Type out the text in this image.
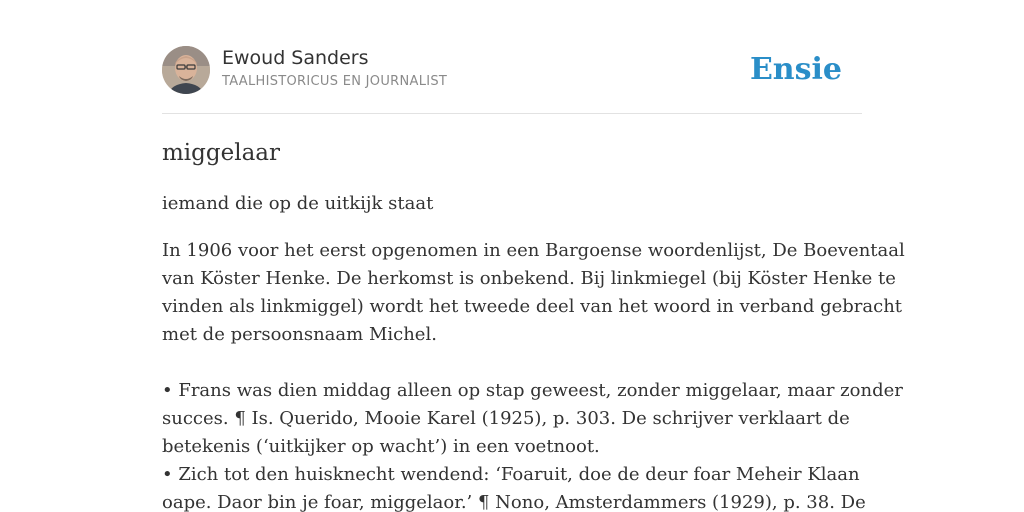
Ewoud Sanders
TAALHISTORICUS EN JOURNALIST	Ensie
miggelaar

iemand die op de uitkijk staat

In 1906 voor het eerst opgenomen in een Bargoense woordenlijst, De Boeventaal
van Köster Henke. De herkomst is onbekend. Bij linkmiegel (bij Köster Henke te
vinden als linkmiggel) wordt het tweede deel van het woord in verband gebracht
met de persoonsnaam Michel.
• Frans was dien middag alleen op stap geweest, zonder miggelaar, maar zonder
succes. ¶ Is. Querido, Mooie Karel (1925), p. 303. De schrijver verklaart de
betekenis (‘uitkijker op wacht’) in een voetnoot.
• Zich tot den huisknecht wendend: ‘Foaruit, doe de deur foar Meheir Klaan
oape. Daor bin je foar, miggelaor.’ ¶ Nono, Amsterdammers (1929), p. 38. De
